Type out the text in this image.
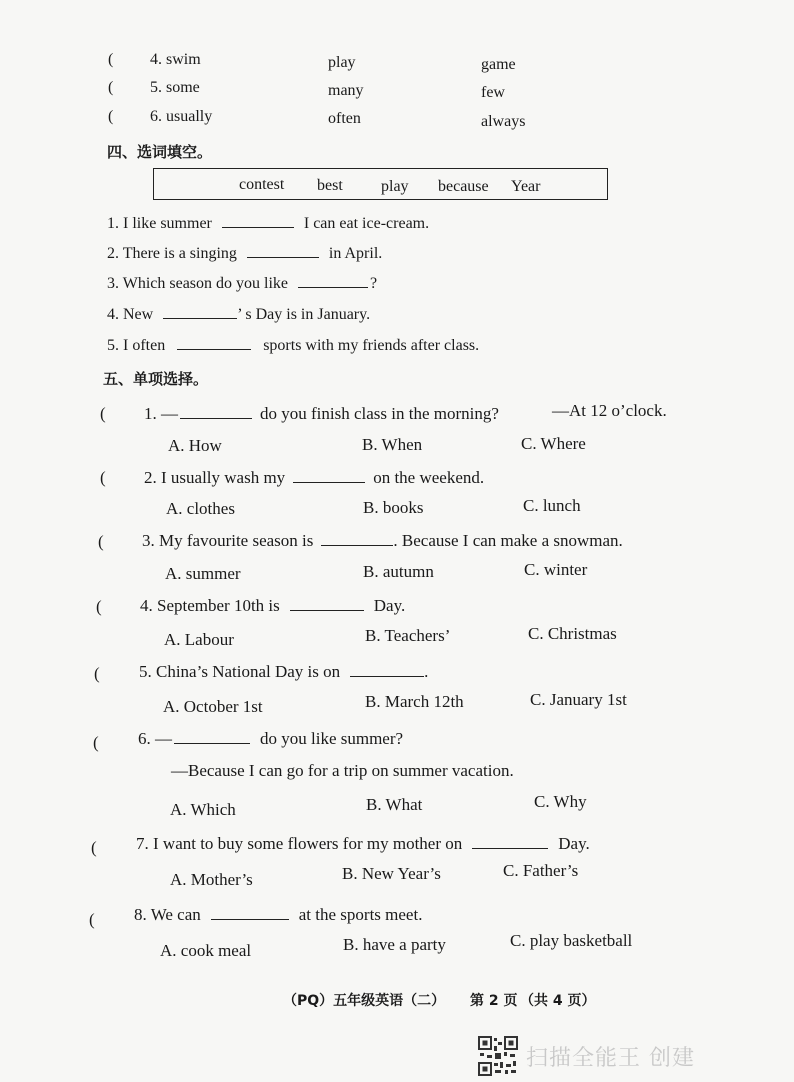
( 4. swim	play	game
( 5. some	many	few
( 6. usually	often	always
四、选词填空。
contest best play because Year
1. I like summer	I can eat ice-cream.
2. There is a singing	in April.
3. Which season do you like	?
4. New	’ s Day is in January.
5. I often	sports with my friends after class.
五、单项选择。
( 1. —	do you finish class in the morning?	—At 12 o’clock.
A. How	B. When	C. Where
( 2. I usually wash my	on the weekend.
A. clothes	B. books	C. lunch
( 3. My favourite season is	. Because I can make a snowman.
A. summer	B. autumn	C. winter
( 4. September 10th is	Day.
A. Labour	B. Teachers’	C. Christmas
( 5. China’s National Day is on	.
A. October 1st	B. March 12th	C. January 1st
( 6. —	do you like summer?
—Because I can go for a trip on summer vacation.
A. Which	B. What	C. Why
( 7. I want to buy some flowers for my mother on	Day.
A. Mother’s	B. New Year’s	C. Father’s
( 8. We can	at the sports meet.
A. cook meal	B. have a party	C. play basketball
（PQ）五年级英语（二） 第 2 页 （共 4 页）
扫描全能王 创建
